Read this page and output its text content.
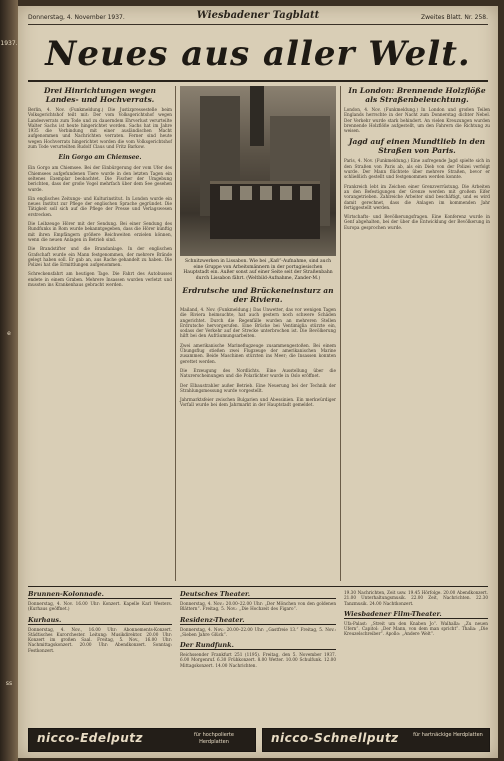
1937.
e
ss
Donnerstag, 4. November 1937.	Wiesbadener Tagblatt	Zweites Blatt. Nr. 258.
Neues aus aller Welt.
Drei Hinrichtungen wegen Landes- und Hochverrats.

Berlin, 4. Nov. (Funkmeldung.) Die Justizpressestelle beim Volksgerichtshof teilt mit: Der vom Volksgerichtshof wegen Landesverrats zum Tode und zu dauerndem Ehrverlust verurteilte Walter Sachs ist heute hingerichtet worden. Sachs hat im Jahre 1935 die Verbindung mit einer ausländischen Macht aufgenommen und Nachrichten verraten. Ferner sind heute wegen Hochverrats hingerichtet worden die vom Volksgerichtshof zum Tode verurteilten Rudolf Claus und Fritz Barkow.

Ein Gorgo am Chiemsee.

Ein Gorgo am Chiemsee. Bei der Einbürgerung der vom Ufer des Chiemsees aufgefundenen Tiere wurde in den letzten Tagen ein seltenes Exemplar beobachtet. Die Fischer der Umgebung berichten, dass der große Vogel mehrfach über dem See gesehen wurde.

Ein englisches Zeitungs- und Kulturinstitut. In London wurde ein neues Institut zur Pflege der englischen Sprache gegründet. Die Tätigkeit soll sich auf die Pflege der Presse und Verlagswesen erstrecken.

Die Leibzeuge Hörer mit der Sendung. Bei einer Sendung des Rundfunks in Rom wurde bekanntgegeben, dass die Hörer künftig mit ihren Empfängern größere Reichweiten erzielen können, wenn die neuen Anlagen in Betrieb sind.

Die Brandstifter und die Brandanlage. In der englischen Grafschaft wurde ein Mann festgenommen, der mehrere Brände gelegt haben soll. Er gab an, aus Rache gehandelt zu haben. Die Polizei hat die Ermittlungen aufgenommen.

Schreckensfahrt am heutigen Tage. Die Fahrt des Autobusses endete in einem Graben. Mehrere Insassen wurden verletzt und mussten ins Krankenhaus gebracht werden.

Schnitzwerken in Lissabon. Wie bei „Kaß“-Aufnahme, sind auch eine Gruppe von Arbeitsmännern in der portugiesischen Hauptstadt ein. Außer sonst auf einer Seite seit der Straßenbahn durch Lissabon fährt. (Weltbild-Aufnahme, Zander-M.)
Erdrutsche und Brückeneinsturz an der Riviera.

Mailand, 4. Nov. (Funkmeldung.) Das Unwetter, das vor wenigen Tagen die Riviera heimsuchte, hat auch gestern noch schwere Schäden angerichtet. Durch die Regenfälle wurden an mehreren Stellen Erdrutsche hervorgerufen. Eine Brücke bei Ventimiglia stürzte ein, sodass der Verkehr auf der Strecke unterbrochen ist. Die Bevölkerung hilft bei den Aufräumungsarbeiten.

Zwei amerikanische Marineflugzeuge zusammengestoßen. Bei einem Übungsflug stießen zwei Flugzeuge der amerikanischen Marine zusammen. Beide Maschinen stürzten ins Meer; die Insassen konnten gerettet werden.

Die Erzeugung des Nordlichts. Eine Ausstellung über die Naturerscheinungen und die Polarlichter wurde in Oslo eröffnet.

Der Elbaustrahler außer Betrieb. Eine Neuerung bei der Technik der Strahlungsmessung wurde vorgestellt.

Jahrmarktsfeier zwischen Bulgarien und Abessinien. Ein merkwürdiger Vorfall wurde bei dem Jahrmarkt in der Hauptstadt gemeldet.

In London: Brennende Holzflöße als Straßenbeleuchtung.

London, 4. Nov. (Funkmeldung.) In London und großen Teilen Englands herrschte in der Nacht zum Donnerstag dichter Nebel. Der Verkehr wurde stark behindert. An vielen Kreuzungen wurden brennende Holzflöße aufgestellt, um den Fahrern die Richtung zu weisen.

Jagd auf einen Mundtlieb in den Straßen von Paris.

Paris, 4. Nov. (Funkmeldung.) Eine aufregende Jagd spielte sich in den Straßen von Paris ab, als ein Dieb von der Polizei verfolgt wurde. Der Mann flüchtete über mehrere Straßen, bevor er schließlich gestellt und festgenommen werden konnte.

Frankreich lebt im Zeichen einer Grenzverrüstung. Die Arbeiten an den Befestigungen der Grenze werden mit großem Eifer vorangetrieben. Zahlreiche Arbeiter sind beschäftigt, und es wird damit gerechnet, dass die Anlagen im kommenden Jahr fertiggestellt werden.

Wirtschafts- und Bevölkerungsfragen. Eine Konferenz wurde in Genf abgehalten, bei der über die Entwicklung der Bevölkerung in Europa gesprochen wurde.

Brunnen-Kolonnade.

Donnerstag, 4. Nov. 16.00 Uhr: Konzert. Kapelle Karl Westers. (Kurhaus geöffnet.)

Kurhaus.

Donnerstag, 4. Nov., 16.00 Uhr: Abonnements-Konzert. Städtisches Kurorchester. Leitung: Musikdirektor. 20.00 Uhr: Konzert im großen Saal. Freitag, 5. Nov., 16.00 Uhr: Nachmittagskonzert. 20.00 Uhr: Abendkonzert. Sonntag: Festkonzert.

Deutsches Theater.

Donnerstag, 4. Nov.: 20.00–22.00 Uhr: „Der Mönchen von den goldenen Blättern“. Freitag, 5. Nov.: „Die Hochzeit des Figaro“.

Residenz-Theater.

Donnerstag, 4. Nov.: 20.00–22.00 Uhr: „Gastfreie 13.“ Freitag, 5. Nov.: „Sieben Jahre Glück“.

Der Rundfunk.

Reichssender Frankfurt 251 (1195). Freitag, den 5. November 1937. 6.00 Morgenruf. 6.30 Frühkonzert. 8.00 Wetter. 10.00 Schulfunk. 12.00 Mittagskonzert. 14.00 Nachrichten.

19.30 Nachrichten, Zeit usw. 19.45 Hörfolge. 20.00 Abendkonzert. 21.00 Unterhaltungsmusik. 22.00 Zeit, Nachrichten. 22.30 Tanzmusik. 24.00 Nachtkonzert.

Wiesbadener Film-Theater.

Ufa-Palast: „Streit um den Knaben Jo“. Walhalla: „Zu neuen Ufern“. Capitol: „Der Mann, von dem man spricht“. Thalia: „Die Kreuzelschreiber“. Apollo: „Andere Welt“.

nicco-Edelputz	für hochpolierte Herdplatten	nicco-Schnellputz	für hartnäckige Herdplatten
